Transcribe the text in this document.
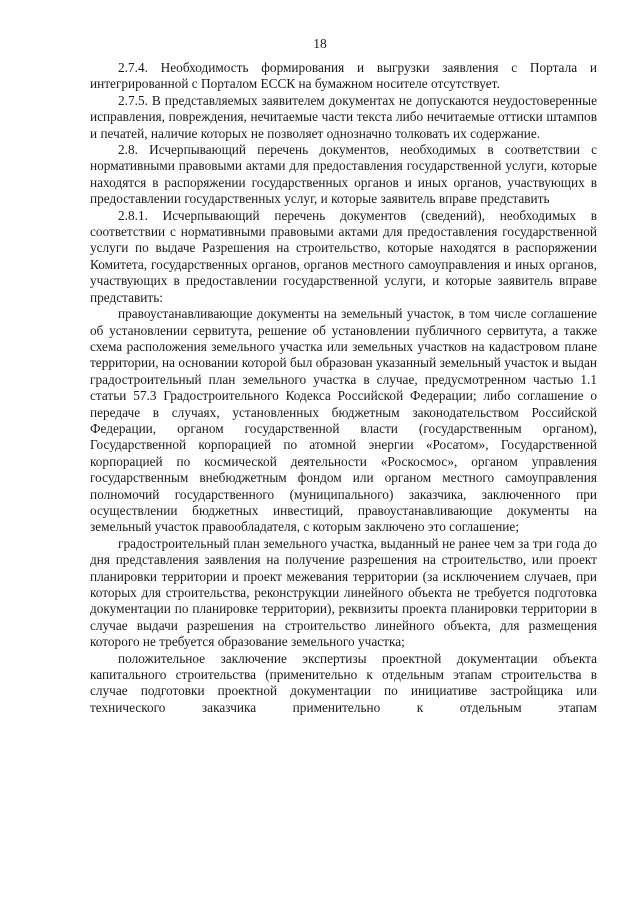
18

2.7.4. Необходимость формирования и выгрузки заявления с Портала и интегрированной с Порталом ЕССК на бумажном носителе отсутствует.

2.7.5. В представляемых заявителем документах не допускаются неудостоверенные исправления, повреждения, нечитаемые части текста либо нечитаемые оттиски штампов и печатей, наличие которых не позволяет однозначно толковать их содержание.

2.8. Исчерпывающий перечень документов, необходимых в соответствии с нормативными правовыми актами для предоставления государственной услуги, которые находятся в распоряжении государственных органов и иных органов, участвующих в предоставлении государственных услуг, и которые заявитель вправе представить

2.8.1. Исчерпывающий перечень документов (сведений), необходимых в соответствии с нормативными правовыми актами для предоставления государственной услуги по выдаче Разрешения на строительство, которые находятся в распоряжении Комитета, государственных органов, органов местного самоуправления и иных органов, участвующих в предоставлении государственной услуги, и которые заявитель вправе представить:

правоустанавливающие документы на земельный участок, в том числе соглашение об установлении сервитута, решение об установлении публичного сервитута, а также схема расположения земельного участка или земельных участков на кадастровом плане территории, на основании которой был образован указанный земельный участок и выдан градостроительный план земельного участка в случае, предусмотренном частью 1.1 статьи 57.3 Градостроительного Кодекса Российской Федерации; либо соглашение о передаче в случаях, установленных бюджетным законодательством Российской Федерации, органом государственной власти (государственным органом), Государственной корпорацией по атомной энергии «Росатом», Государственной корпорацией по космической деятельности «Роскосмос», органом управления государственным внебюджетным фондом или органом местного самоуправления полномочий государственного (муниципального) заказчика, заключенного при осуществлении бюджетных инвестиций, правоустанавливающие документы на земельный участок правообладателя, с которым заключено это соглашение;

градостроительный план земельного участка, выданный не ранее чем за три года до дня представления заявления на получение разрешения на строительство, или проект планировки территории и проект межевания территории (за исключением случаев, при которых для строительства, реконструкции линейного объекта не требуется подготовка документации по планировке территории), реквизиты проекта планировки территории в случае выдачи разрешения на строительство линейного объекта, для размещения которого не требуется образование земельного участка;

положительное заключение экспертизы проектной документации объекта капитального строительства (применительно к отдельным этапам строительства в случае подготовки проектной документации по инициативе застройщика или технического заказчика применительно к отдельным этапам
